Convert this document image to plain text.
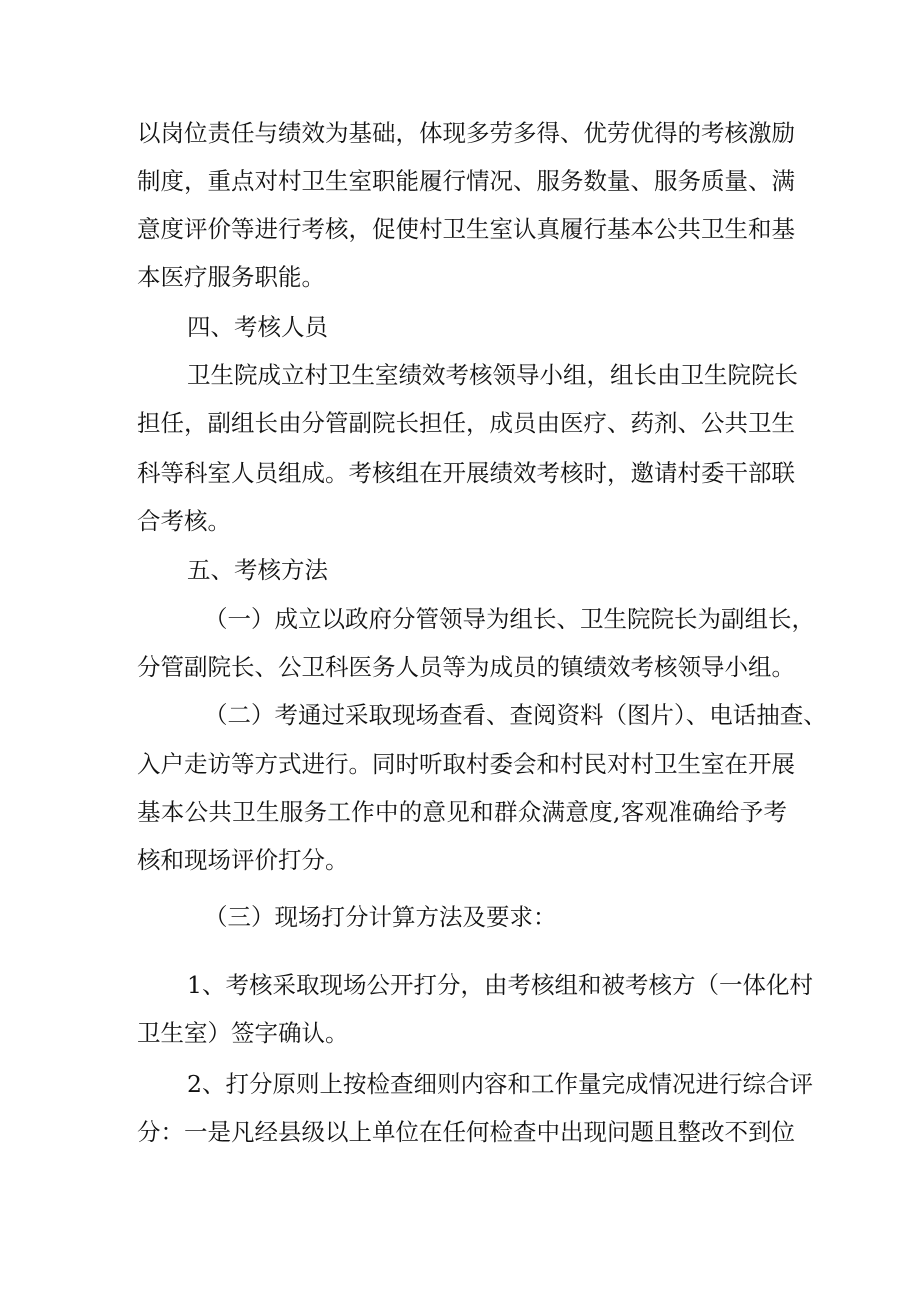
以岗位责任与绩效为基础，体现多劳多得、优劳优得的考核激励
制度，重点对村卫生室职能履行情况、服务数量、服务质量、满
意度评价等进行考核，促使村卫生室认真履行基本公共卫生和基
本医疗服务职能。
四、考核人员
卫生院成立村卫生室绩效考核领导小组，组长由卫生院院长
担任，副组长由分管副院长担任，成员由医疗、药剂、公共卫生
科等科室人员组成。考核组在开展绩效考核时，邀请村委干部联
合考核。
五、考核方法
（一）成立以政府分管领导为组长、卫生院院长为副组长，
分管副院长、公卫科医务人员等为成员的镇绩效考核领导小组。
（二）考通过采取现场查看、查阅资料（图片）、电话抽查、
入户走访等方式进行。同时听取村委会和村民对村卫生室在开展
基本公共卫生服务工作中的意见和群众满意度,客观准确给予考
核和现场评价打分。
（三）现场打分计算方法及要求：
1、考核采取现场公开打分，由考核组和被考核方（一体化村
卫生室）签字确认。
2、打分原则上按检查细则内容和工作量完成情况进行综合评
分：一是凡经县级以上单位在任何检查中出现问题且整改不到位
